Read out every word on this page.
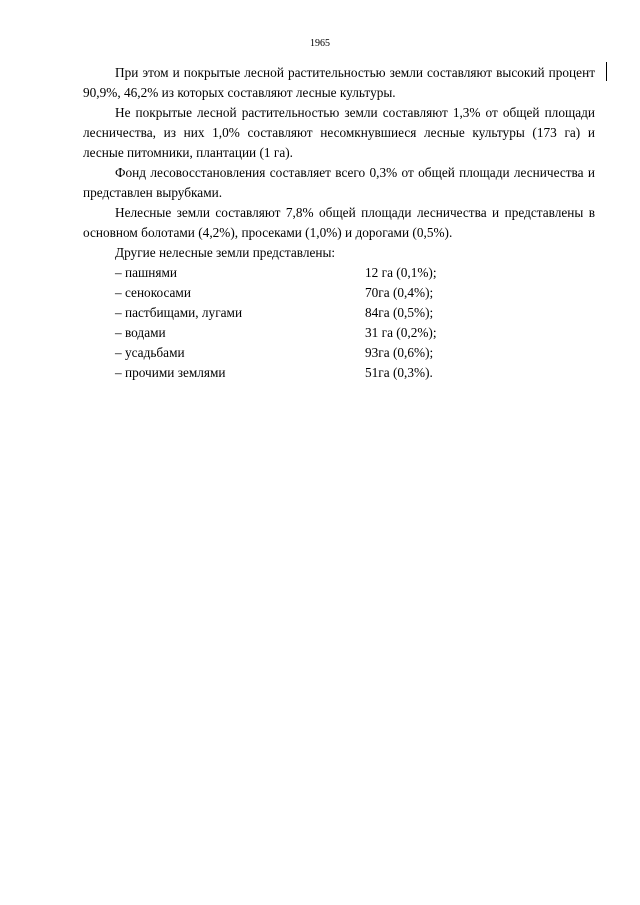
1965

При этом и покрытые лесной растительностью земли составляют высокий процент 90,9%, 46,2% из которых составляют лесные культуры.

Не покрытые лесной растительностью земли составляют 1,3% от общей площади лесничества, из них 1,0% составляют несомкнувшиеся лесные культуры (173 га) и лесные питомники, плантации (1 га).

Фонд лесовосстановления составляет всего 0,3% от общей площади лесничества и представлен вырубками.

Нелесные земли составляют 7,8% общей площади лесничества и представлены в основном болотами (4,2%), просеками (1,0%) и дорогами (0,5%).

Другие нелесные земли представлены:

– пашнями	12 га (0,1%);
– сенокосами	70га (0,4%);
– пастбищами, лугами	84га (0,5%);
– водами	31 га (0,2%);
– усадьбами	93га (0,6%);
– прочими землями	51га (0,3%).
